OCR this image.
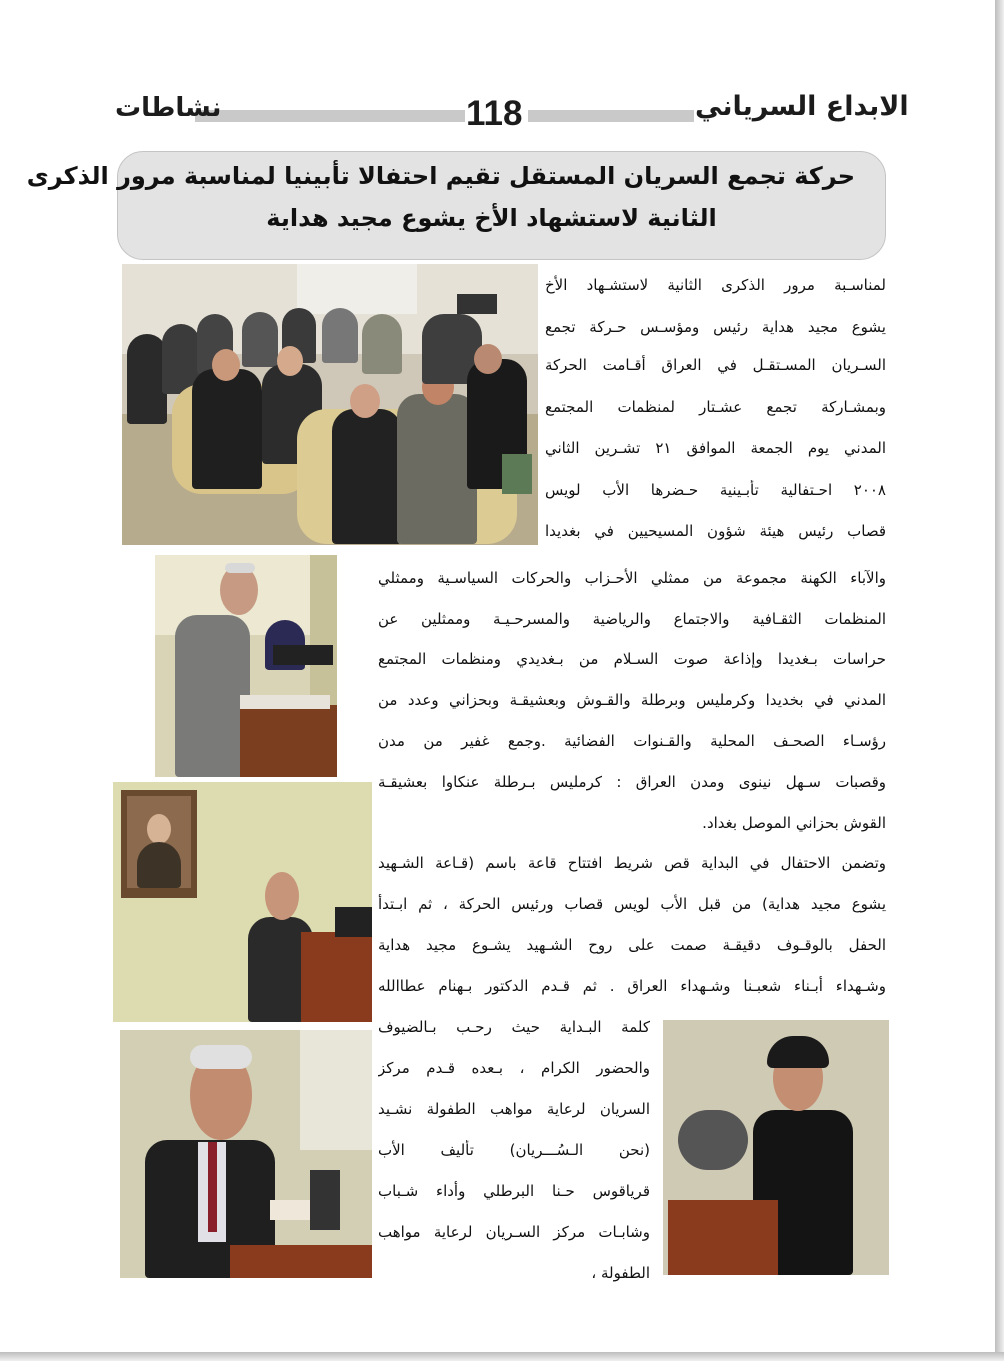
نشاطات	118	الابداع السرياني
حركة تجمع السريان المستقل تقيم احتفالا تأبينيا لمناسبة مرور الذكرى
الثانية لاستشهاد الأخ يشوع مجيد هداية
لمناسـبة مرور الذكرى الثانية لاستشـهاد الأخ
يشوع مجيد هداية رئيس ومؤسـس حـركة تجمع
السـريان المسـتقـل في العراق أقـامت الحركة
وبمشـاركة تجمع عشـتار لمنظمات المجتمع
المدني يوم الجمعة الموافق ٢١ تشـرين الثاني
٢٠٠٨ احـتفالية تأبـينية حـضرها الأب لويس
قصاب رئيس هيئة شؤون المسيحيين في بغديدا
والآباء الكهنة مجموعة من ممثلي الأحـزاب والحركات السياسـية وممثلي
المنظمات الثقـافية والاجتماع والرياضية والمسرحـيـة وممثلين عن
حراسات بـغديدا وإذاعة صوت السـلام من بـغديدي ومنظمات المجتمع
المدني في بخديدا وكرمليس وبرطلة والقـوش وبعشيقـة وبحزاني وعدد من
رؤسـاء الصحـف المحلية والقـنوات الفضائية .وجمع غفير من مدن
وقصبات سـهل نينوى ومدن العراق : كرمليس بـرطلة عنكاوا بعشيقـة
القوش بحزاني الموصل بغداد.
وتضمن الاحتفال في البداية قص شريط افتتاح قاعة باسم (قـاعة الشـهيد
يشوع مجيد هداية) من قبل الأب لويس قصاب ورئيس الحركة ، ثم ابـتدأ
الحفل بالوقـوف دقيقـة صمت على روح الشـهيد يشـوع مجيد هداية
وشـهداء أبـناء شعبـنا وشـهداء العراق . ثم قـدم الدكتور بـهنام عطاالله
كلمة البـداية حيث رحـب بـالضيوف
والحضور الكرام ، بـعده قـدم مركز
السريان لرعاية مواهب الطفولة نشـيد
(نحن الـسُـــريان) تأليف الأب
قرياقوس حـنا البرطلي وأداء شـباب
وشابـات مركز السـريان لرعاية مواهب
الطفولة ،
